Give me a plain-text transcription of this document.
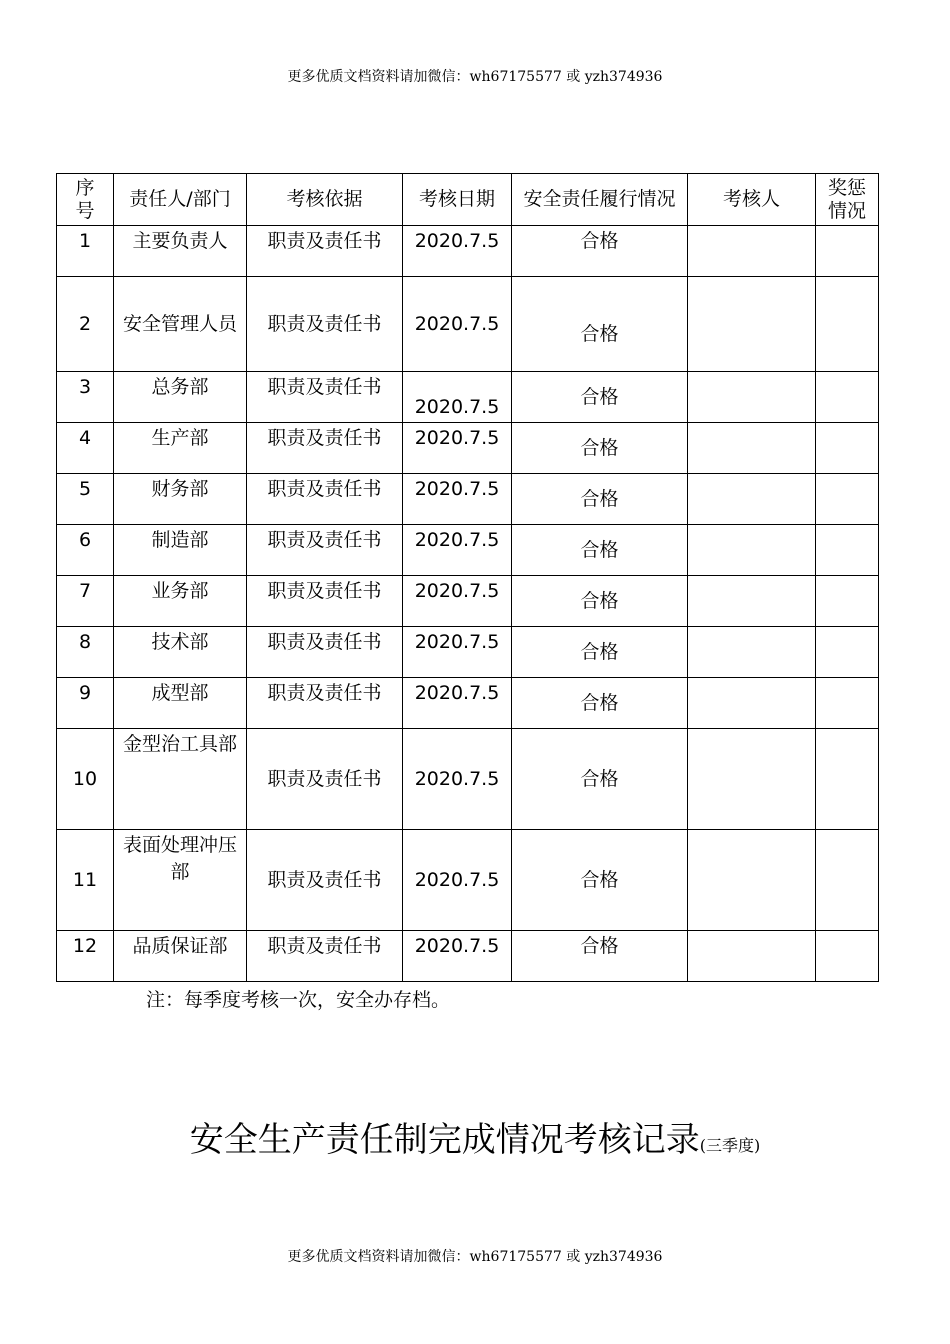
更多优质文档资料请加微信：wh67175577 或 yzh374936
序号	责任人/部门	考核依据	考核日期	安全责任履行情况	考核人	奖惩情况
1	主要负责人	职责及责任书	2020.7.5	合格		
2	安全管理人员	职责及责任书	2020.7.5	合格		
3	总务部	职责及责任书	2020.7.5	合格		
4	生产部	职责及责任书	2020.7.5	合格		
5	财务部	职责及责任书	2020.7.5	合格		
6	制造部	职责及责任书	2020.7.5	合格		
7	业务部	职责及责任书	2020.7.5	合格		
8	技术部	职责及责任书	2020.7.5	合格		
9	成型部	职责及责任书	2020.7.5	合格		
10	金型治工具部	职责及责任书	2020.7.5	合格		
11	表面处理冲压部	职责及责任书	2020.7.5	合格		
12	品质保证部	职责及责任书	2020.7.5	合格		
注：每季度考核一次，安全办存档。
安全生产责任制完成情况考核记录(三季度)
更多优质文档资料请加微信：wh67175577 或 yzh374936
